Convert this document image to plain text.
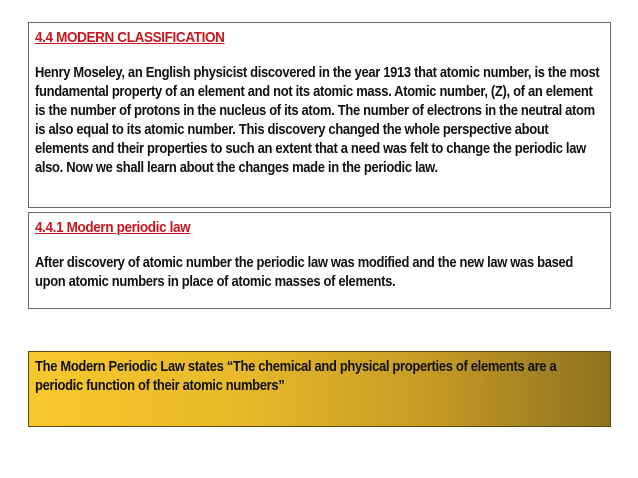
4.4 MODERN CLASSIFICATION

Henry Moseley, an English physicist discovered in the year 1913 that atomic number, is the most fundamental property of an element and not its atomic mass. Atomic number, (Z), of an element is the number of protons in the nucleus of its atom. The number of electrons in the neutral atom is also equal to its atomic number. This discovery changed the whole perspective about elements and their properties to such an extent that a need was felt to change the periodic law also. Now we shall learn about the changes made in the periodic law.

4.4.1 Modern periodic law

After discovery of atomic number the periodic law was modified and the new law was based upon atomic numbers in place of atomic masses of elements.

The Modern Periodic Law states “The chemical and physical properties of elements are a periodic function of their atomic numbers”
